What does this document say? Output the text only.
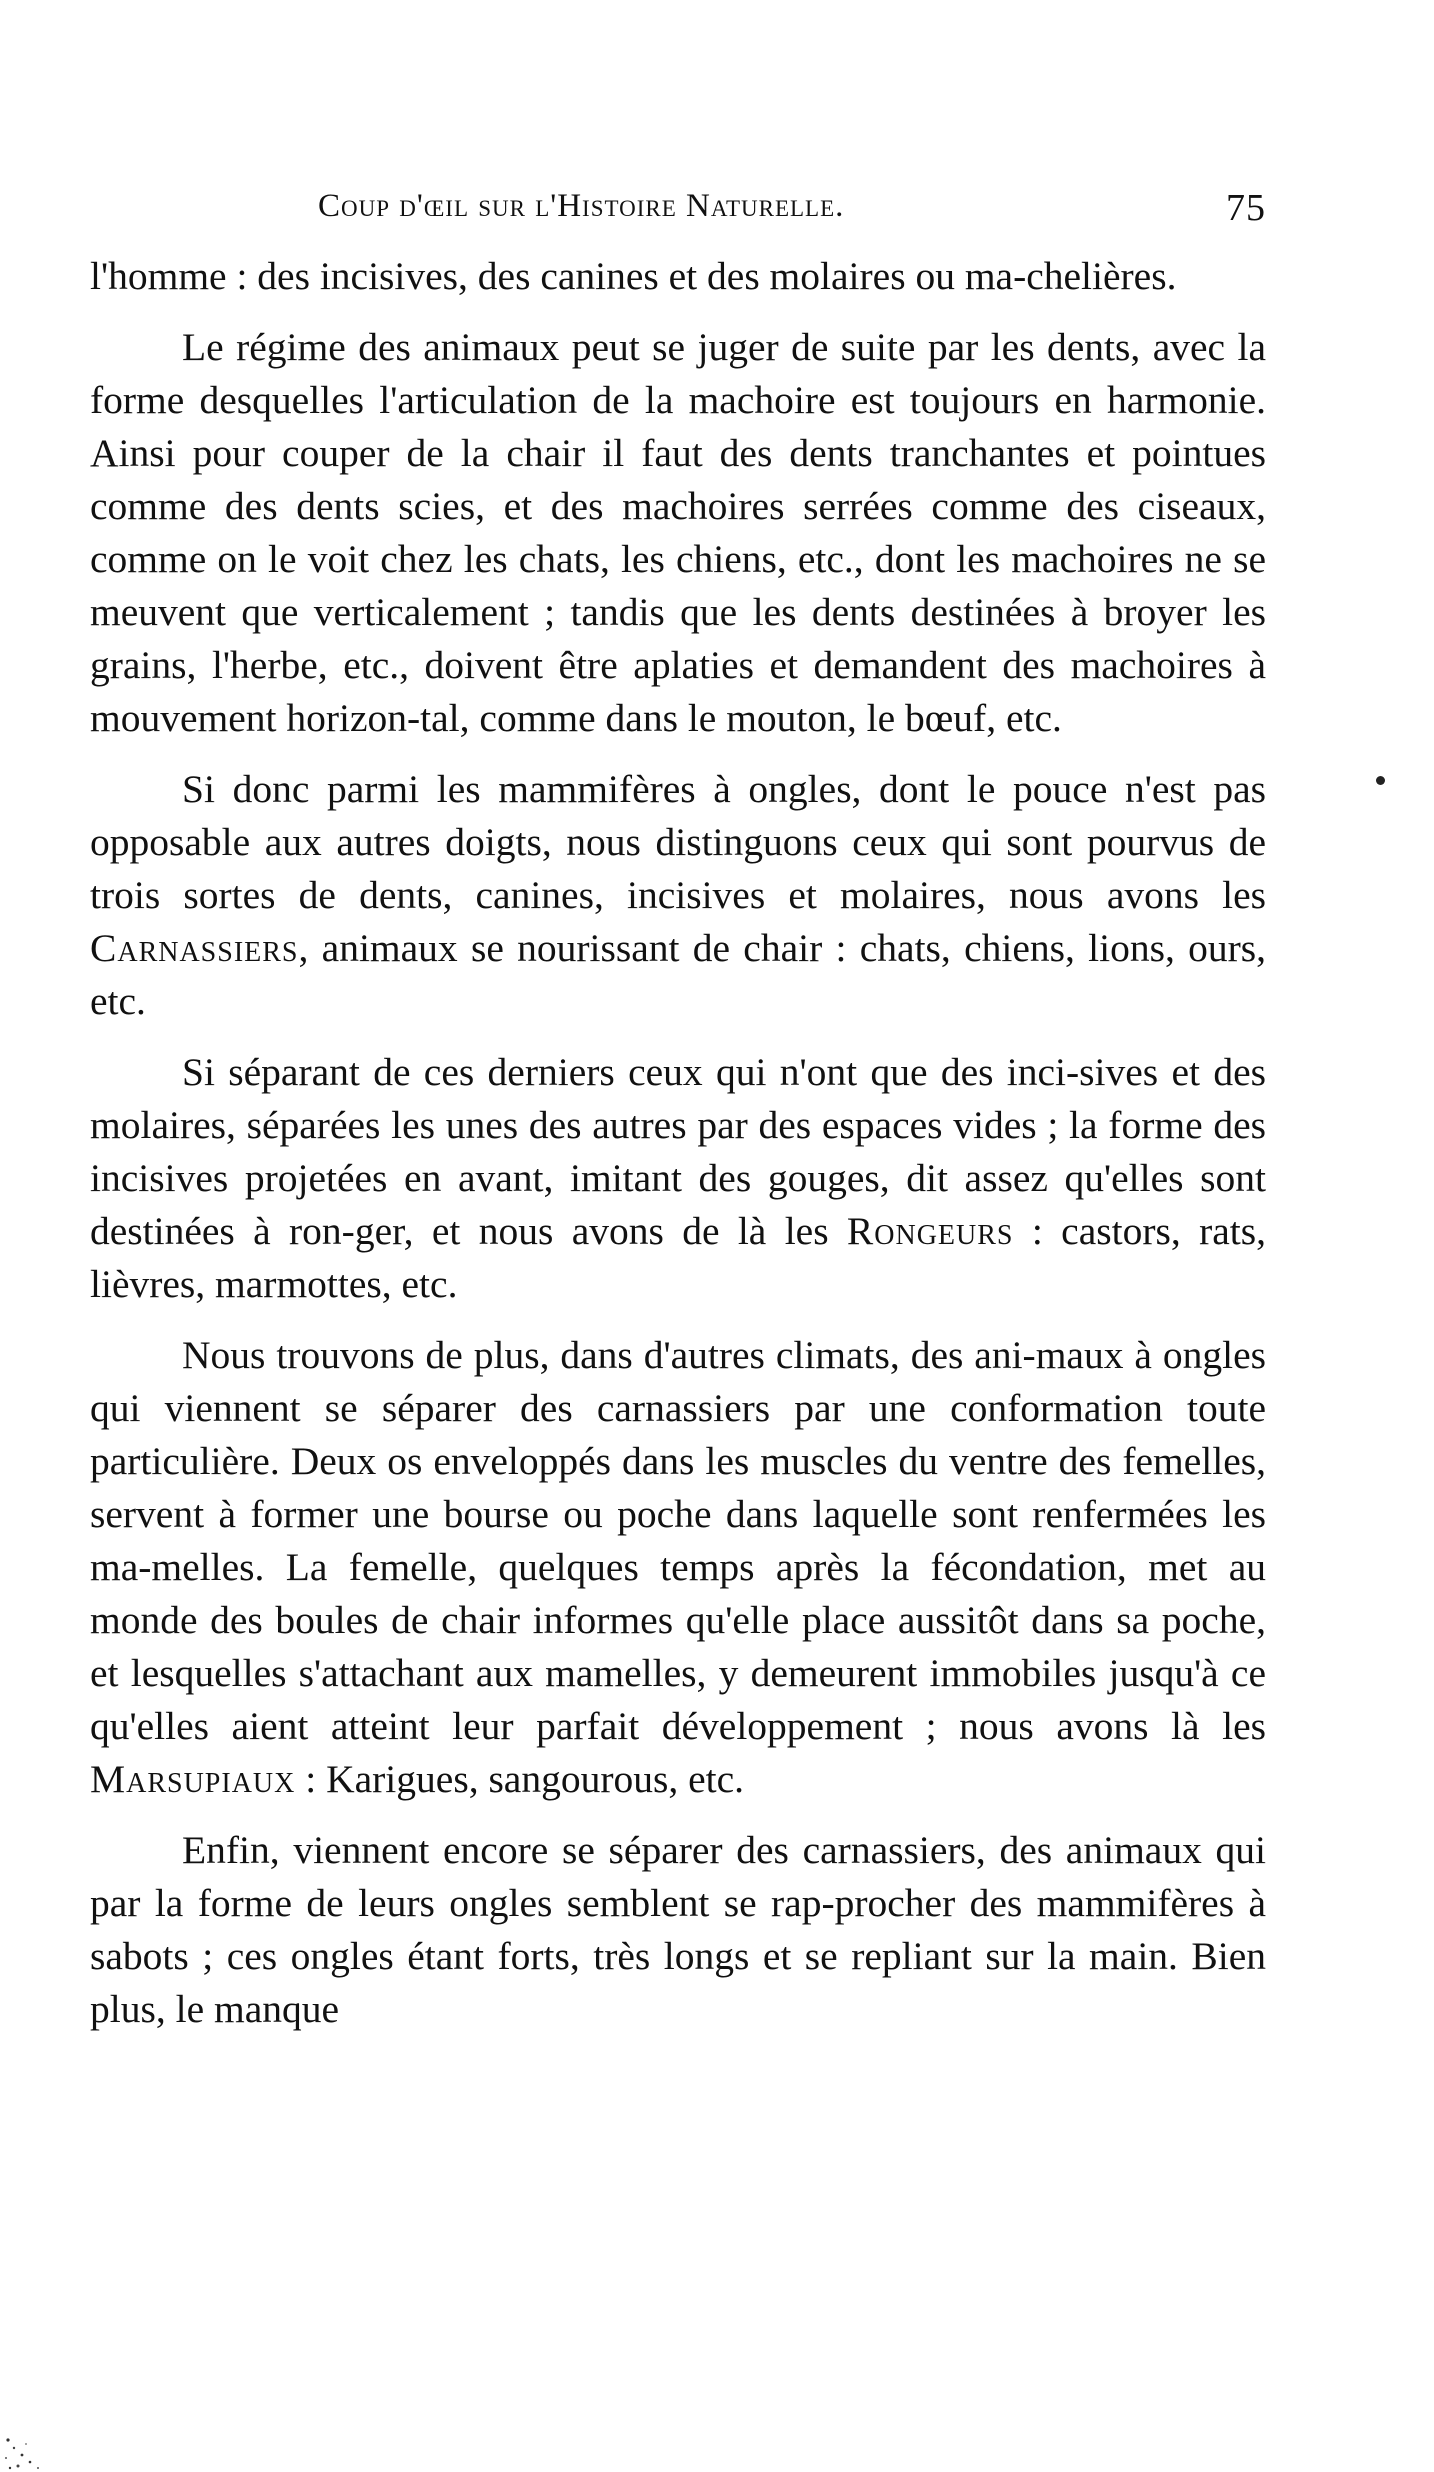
Coup d'œil sur l'Histoire Naturelle.	75

l'homme : des incisives, des canines et des molaires ou ma-chelières.

Le régime des animaux peut se juger de suite par les dents, avec la forme desquelles l'articulation de la machoire est toujours en harmonie. Ainsi pour couper de la chair il faut des dents tranchantes et pointues comme des dents scies, et des machoires serrées comme des ciseaux, comme on le voit chez les chats, les chiens, etc., dont les machoires ne se meuvent que verticalement ; tandis que les dents destinées à broyer les grains, l'herbe, etc., doivent être aplaties et demandent des machoires à mouvement horizon-tal, comme dans le mouton, le bœuf, etc.

Si donc parmi les mammifères à ongles, dont le pouce n'est pas opposable aux autres doigts, nous distinguons ceux qui sont pourvus de trois sortes de dents, canines, incisives et molaires, nous avons les Carnassiers, animaux se nourissant de chair : chats, chiens, lions, ours, etc.

Si séparant de ces derniers ceux qui n'ont que des inci-sives et des molaires, séparées les unes des autres par des espaces vides ; la forme des incisives projetées en avant, imitant des gouges, dit assez qu'elles sont destinées à ron-ger, et nous avons de là les Rongeurs : castors, rats, lièvres, marmottes, etc.

Nous trouvons de plus, dans d'autres climats, des ani-maux à ongles qui viennent se séparer des carnassiers par une conformation toute particulière. Deux os enveloppés dans les muscles du ventre des femelles, servent à former une bourse ou poche dans laquelle sont renfermées les ma-melles. La femelle, quelques temps après la fécondation, met au monde des boules de chair informes qu'elle place aussitôt dans sa poche, et lesquelles s'attachant aux mamelles, y demeurent immobiles jusqu'à ce qu'elles aient atteint leur parfait développement ; nous avons là les Marsupiaux : Karigues, sangourous, etc.

Enfin, viennent encore se séparer des carnassiers, des animaux qui par la forme de leurs ongles semblent se rap-procher des mammifères à sabots ; ces ongles étant forts, très longs et se repliant sur la main. Bien plus, le manque
